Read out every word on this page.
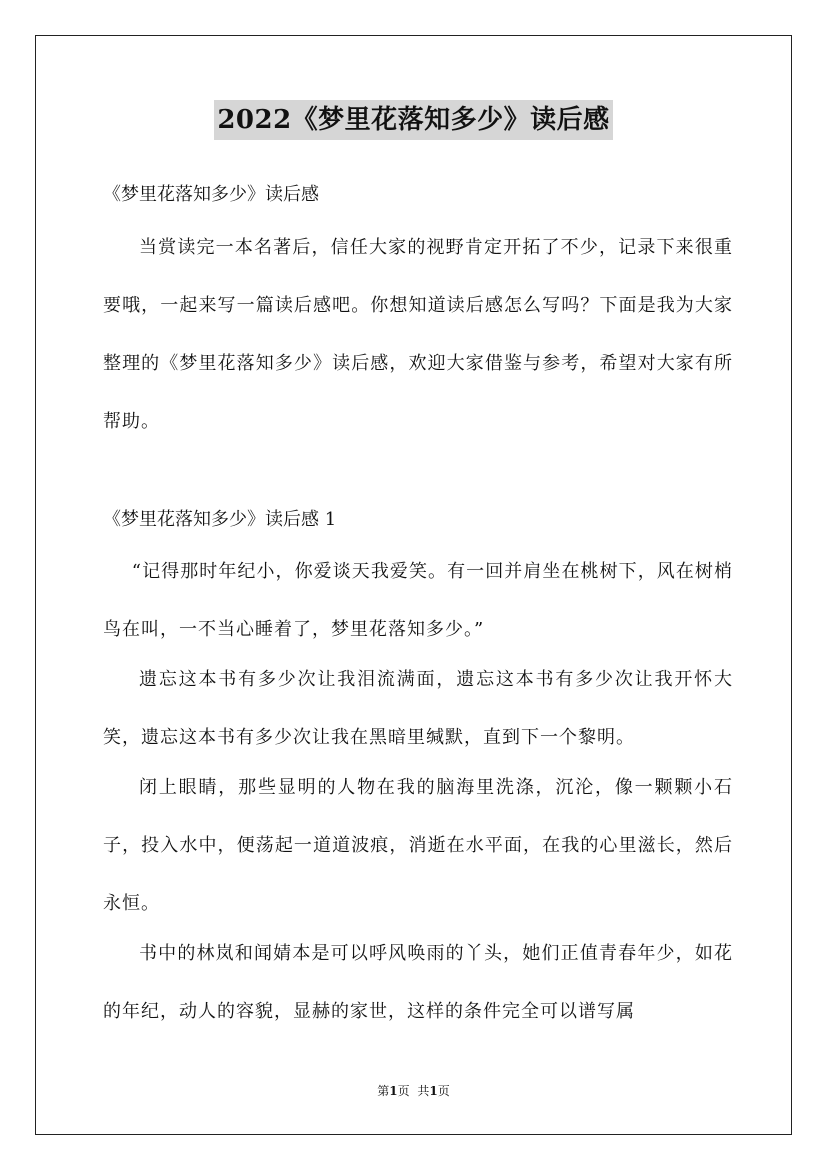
2022《梦里花落知多少》读后感
《梦里花落知多少》读后感

当赏读完一本名著后，信任大家的视野肯定开拓了不少，记录下来很重要哦，一起来写一篇读后感吧。你想知道读后感怎么写吗？下面是我为大家整理的《梦里花落知多少》读后感，欢迎大家借鉴与参考，希望对大家有所帮助。

《梦里花落知多少》读后感 1

“记得那时年纪小，你爱谈天我爱笑。有一回并肩坐在桃树下，风在树梢鸟在叫，一不当心睡着了，梦里花落知多少。”

遗忘这本书有多少次让我泪流满面，遗忘这本书有多少次让我开怀大笑，遗忘这本书有多少次让我在黑暗里缄默，直到下一个黎明。

闭上眼睛，那些显明的人物在我的脑海里洗涤，沉沦，像一颗颗小石子，投入水中，便荡起一道道波痕，消逝在水平面，在我的心里滋长，然后永恒。

书中的林岚和闻婧本是可以呼风唤雨的丫头，她们正值青春年少，如花的年纪，动人的容貌，显赫的家世，这样的条件完全可以谱写属

第1页 共1页
